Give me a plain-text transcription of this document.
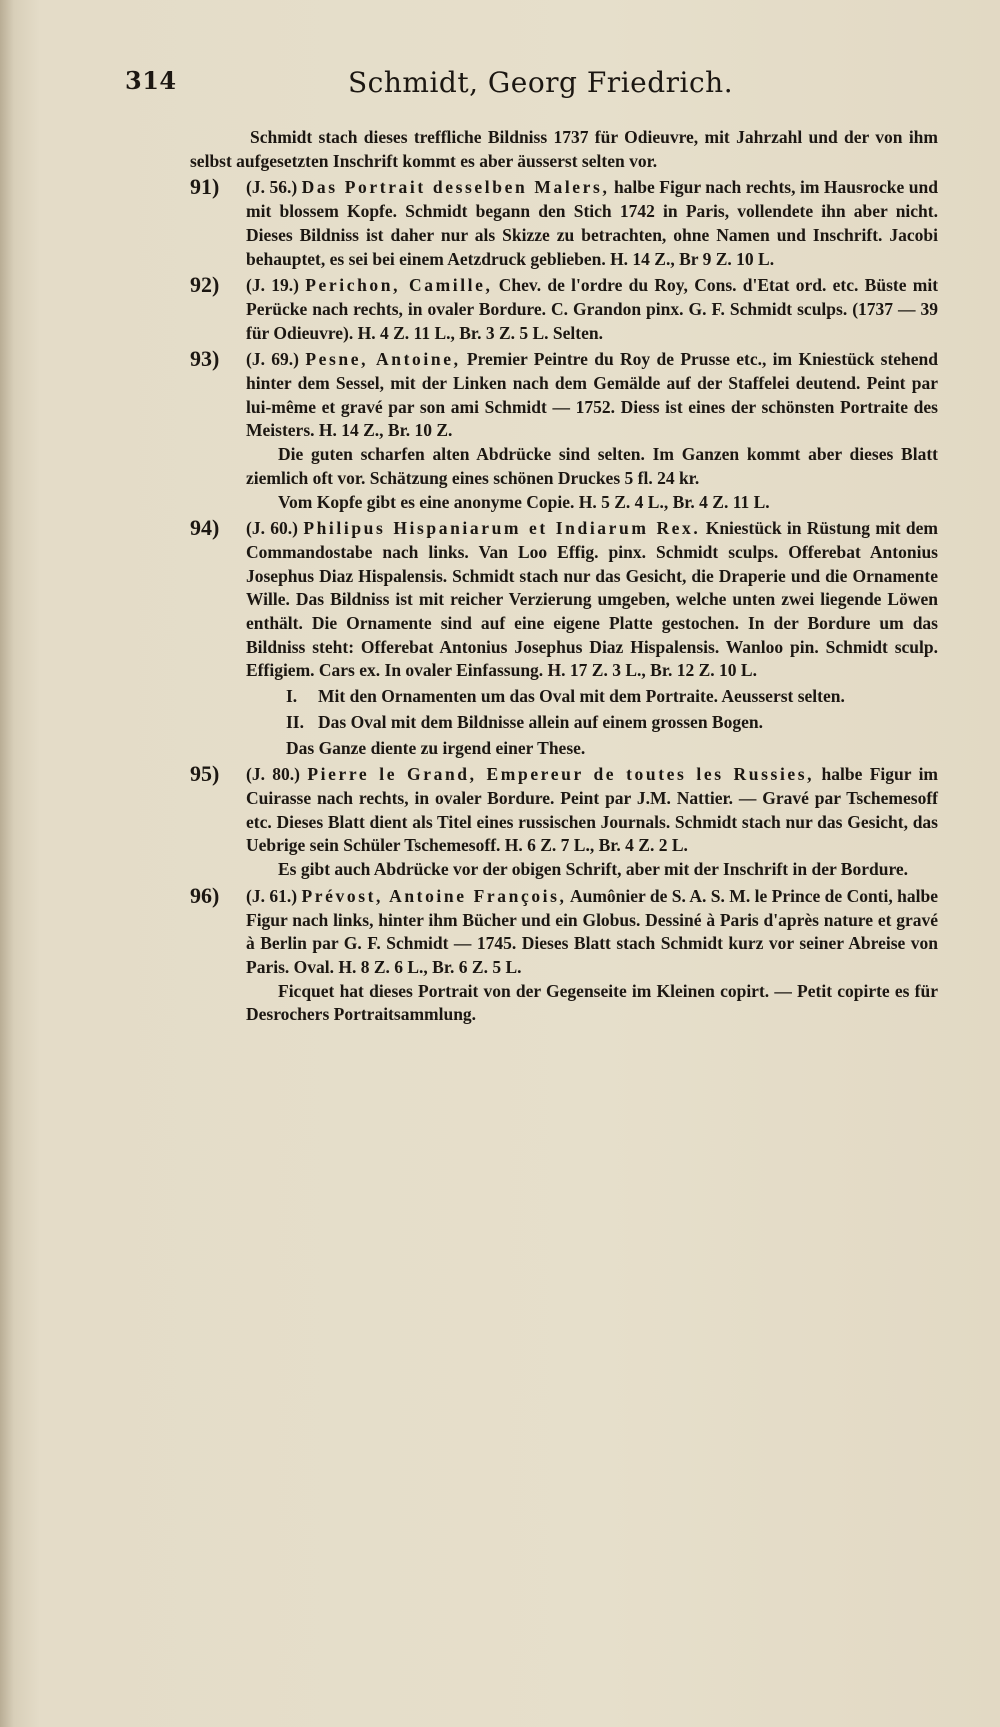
314	Schmidt, Georg Friedrich.

Schmidt stach dieses treffliche Bildniss 1737 für Odieuvre, mit Jahrzahl und der von ihm selbst aufgesetzten Inschrift kommt es aber äusserst selten vor.

91) (J. 56.) Das Portrait desselben Malers, halbe Figur nach rechts, im Hausrocke und mit blossem Kopfe. Schmidt begann den Stich 1742 in Paris, vollendete ihn aber nicht. Dieses Bildniss ist daher nur als Skizze zu betrachten, ohne Namen und Inschrift. Jacobi behauptet, es sei bei einem Aetzdruck geblieben. H. 14 Z., Br 9 Z. 10 L.

92) (J. 19.) Perichon, Camille, Chev. de l'ordre du Roy, Cons. d'Etat ord. etc. Büste mit Perücke nach rechts, in ovaler Bordure. C. Grandon pinx. G. F. Schmidt sculps. (1737 — 39 für Odieuvre). H. 4 Z. 11 L., Br. 3 Z. 5 L. Selten.

93) (J. 69.) Pesne, Antoine, Premier Peintre du Roy de Prusse etc., im Kniestück stehend hinter dem Sessel, mit der Linken nach dem Gemälde auf der Staffelei deutend. Peint par lui-même et gravé par son ami Schmidt — 1752. Diess ist eines der schönsten Portraite des Meisters. H. 14 Z., Br. 10 Z.

Die guten scharfen alten Abdrücke sind selten. Im Ganzen kommt aber dieses Blatt ziemlich oft vor. Schätzung eines schönen Druckes 5 fl. 24 kr.

Vom Kopfe gibt es eine anonyme Copie. H. 5 Z. 4 L., Br. 4 Z. 11 L.

94) (J. 60.) Philipus Hispaniarum et Indiarum Rex. Kniestück in Rüstung mit dem Commandostabe nach links. Van Loo Effig. pinx. Schmidt sculps. Offerebat Antonius Josephus Diaz Hispalensis. Schmidt stach nur das Gesicht, die Draperie und die Ornamente Wille. Das Bildniss ist mit reicher Verzierung umgeben, welche unten zwei liegende Löwen enthält. Die Ornamente sind auf eine eigene Platte gestochen. In der Bordure um das Bildniss steht: Offerebat Antonius Josephus Diaz Hispalensis. Wanloo pin. Schmidt sculp. Effigiem. Cars ex. In ovaler Einfassung. H. 17 Z. 3 L., Br. 12 Z. 10 L.

I. Mit den Ornamenten um das Oval mit dem Portraite. Aeusserst selten.
II. Das Oval mit dem Bildnisse allein auf einem grossen Bogen.

Das Ganze diente zu irgend einer These.

95) (J. 80.) Pierre le Grand, Empereur de toutes les Russies, halbe Figur im Cuirasse nach rechts, in ovaler Bordure. Peint par J.M. Nattier. — Gravé par Tschemesoff etc. Dieses Blatt dient als Titel eines russischen Journals. Schmidt stach nur das Gesicht, das Uebrige sein Schüler Tschemesoff. H. 6 Z. 7 L., Br. 4 Z. 2 L.

Es gibt auch Abdrücke vor der obigen Schrift, aber mit der Inschrift in der Bordure.

96) (J. 61.) Prévost, Antoine François, Aumônier de S. A. S. M. le Prince de Conti, halbe Figur nach links, hinter ihm Bücher und ein Globus. Dessiné à Paris d'après nature et gravé à Berlin par G. F. Schmidt — 1745. Dieses Blatt stach Schmidt kurz vor seiner Abreise von Paris. Oval. H. 8 Z. 6 L., Br. 6 Z. 5 L.

Ficquet hat dieses Portrait von der Gegenseite im Kleinen copirt. — Petit copirte es für Desrochers Portraitsammlung.
